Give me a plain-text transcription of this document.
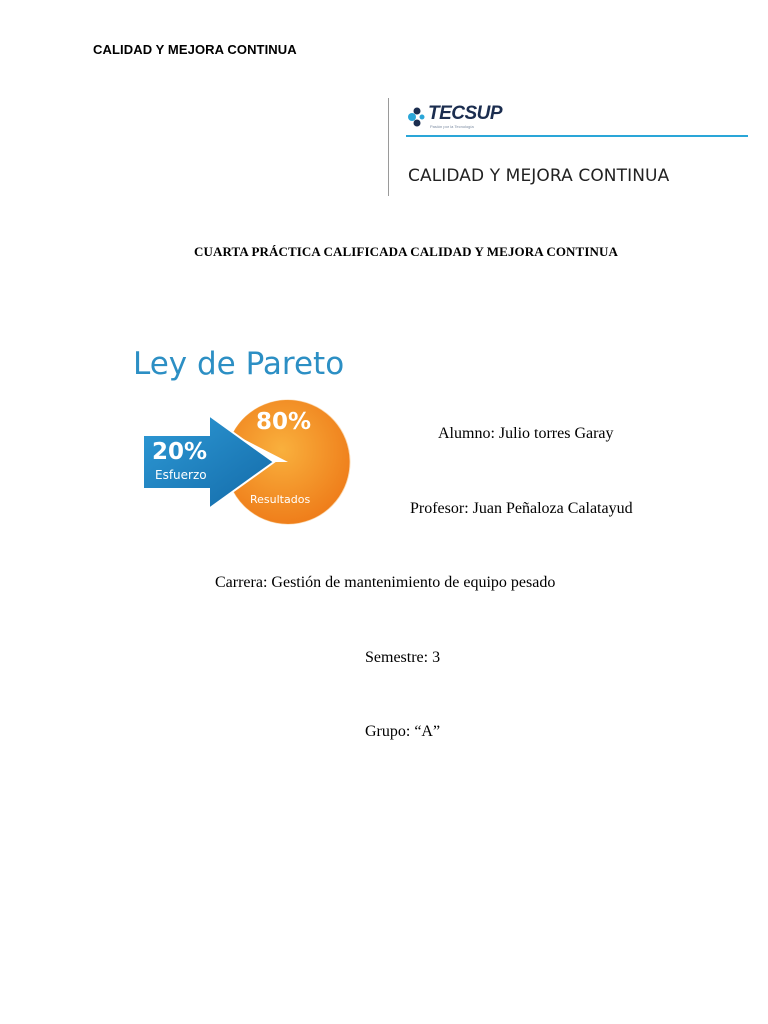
CALIDAD Y MEJORA CONTINUA
TECSUP
Pasión por la Tecnología
CALIDAD Y MEJORA CONTINUA
CUARTA PRÁCTICA CALIFICADA CALIDAD Y MEJORA CONTINUA
Ley de Pareto
80%
20%
Esfuerzo
Resultados
Alumno: Julio torres Garay
Profesor: Juan Peñaloza Calatayud
Carrera: Gestión de mantenimiento de equipo pesado
Semestre: 3
Grupo: “A”
